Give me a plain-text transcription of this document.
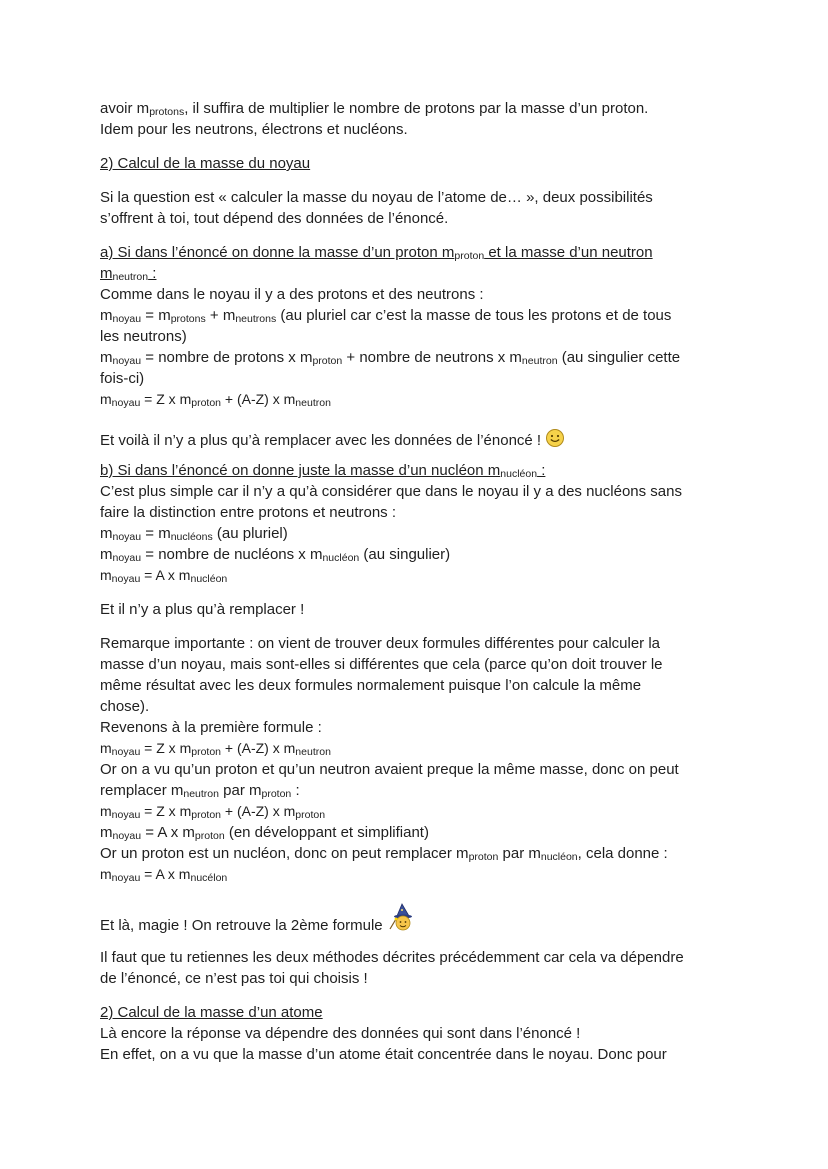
avoir $m_{protons}$, il suffira de multiplier le nombre de protons par la masse d’un proton.
Idem pour les neutrons, électrons et nucléons.

2) Calcul de la masse du noyau

Si la question est « calculer la masse du noyau de l’atome de… », deux possibilités
s’offrent à toi, tout dépend des données de l’énoncé.

a) Si dans l’énoncé on donne la masse d’un proton $m_{proton}$ et la masse d’un neutron
$m_{neutron}$ :

Comme dans le noyau il y a des protons et des neutrons :
$m_{noyau} = m_{protons} + m_{neutrons}$ (au pluriel car c’est la masse de tous les protons et de tous
les neutrons)
$m_{noyau}$ = nombre de protons x $m_{proton}$ + nombre de neutrons x $m_{neutron}$ (au singulier cette
fois-ci)
$m_{noyau} = Z$ x $m_{proton} + (A-Z)$ x $m_{neutron}$

Et voilà il n’y a plus qu’à remplacer avec les données de l’énoncé !

b) Si dans l’énoncé on donne juste la masse d’un nucléon $m_{nucléon}$ :

C’est plus simple car il n’y a qu’à considérer que dans le noyau il y a des nucléons sans
faire la distinction entre protons et neutrons :
$m_{noyau} = m_{nucléons}$ (au pluriel)
$m_{noyau}$ = nombre de nucléons x $m_{nucléon}$ (au singulier)
$m_{noyau} = A$ x $m_{nucléon}$

Et il n’y a plus qu’à remplacer !

Remarque importante : on vient de trouver deux formules différentes pour calculer la
masse d’un noyau, mais sont-elles si différentes que cela (parce qu’on doit trouver le
même résultat avec les deux formules normalement puisque l’on calcule la même
chose).
Revenons à la première formule :
$m_{noyau} = Z$ x $m_{proton} + (A-Z)$ x $m_{neutron}$
Or on a vu qu’un proton et qu’un neutron avaient preque la même masse, donc on peut
remplacer $m_{neutron}$ par $m_{proton}$ :
$m_{noyau} = Z$ x $m_{proton} + (A-Z)$ x $m_{proton}$
$m_{noyau} = A$ x $m_{proton}$ (en développant et simplifiant)
Or un proton est un nucléon, donc on peut remplacer $m_{proton}$ par $m_{nucléon}$, cela donne :
$m_{noyau} = A$ x $m_{nucélon}$

Et là, magie ! On retrouve la 2ème formule

Il faut que tu retiennes les deux méthodes décrites précédemment car cela va dépendre
de l’énoncé, ce n’est pas toi qui choisis !

2) Calcul de la masse d’un atome

Là encore la réponse va dépendre des données qui sont dans l’énoncé !
En effet, on a vu que la masse d’un atome était concentrée dans le noyau. Donc pour
